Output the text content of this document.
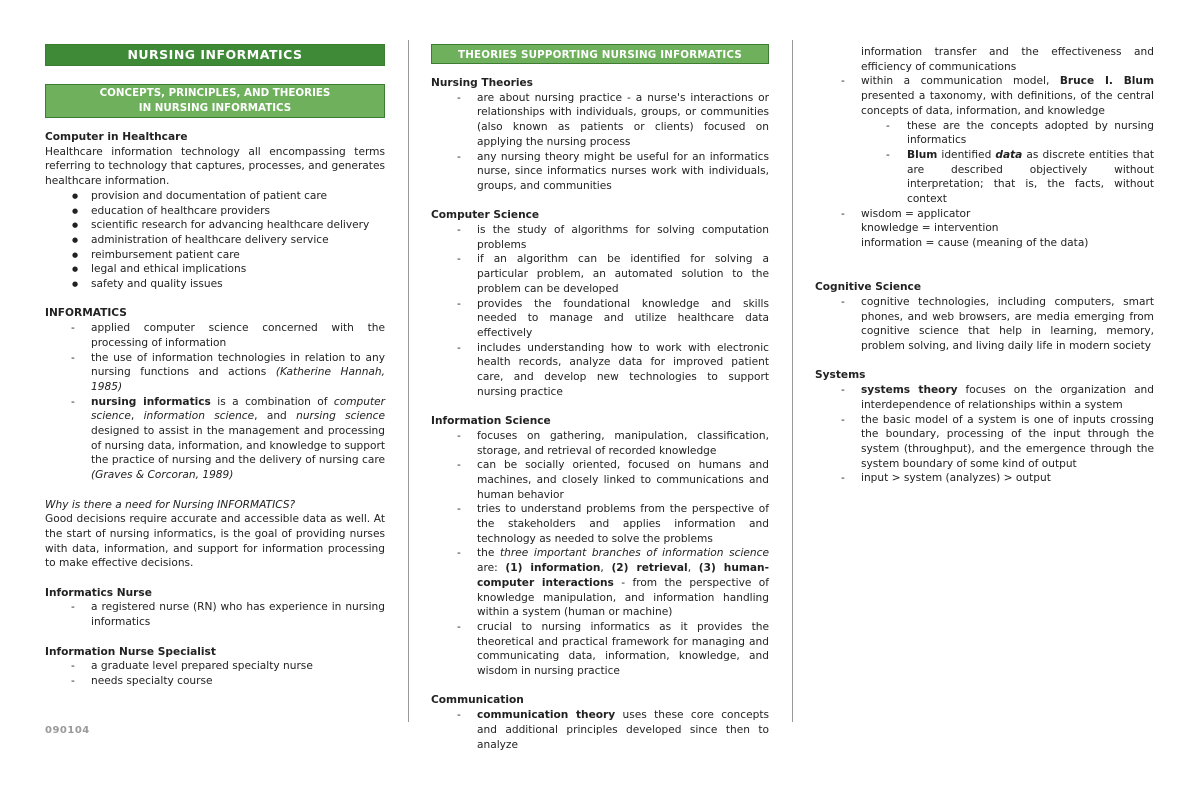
NURSING INFORMATICS
CONCEPTS, PRINCIPLES, AND THEORIES
IN NURSING INFORMATICS
Computer in Healthcare

Healthcare information technology all encompassing terms referring to technology that captures, processes, and generates healthcare information.

● provision and documentation of patient care
● education of healthcare providers
● scientific research for advancing healthcare delivery
● administration of healthcare delivery service
● reimbursement patient care
● legal and ethical implications
● safety and quality issues
INFORMATICS
- applied computer science concerned with the processing of information
- the use of information technologies in relation to any nursing functions and actions (Katherine Hannah, 1985)
- nursing informatics is a combination of computer science, information science, and nursing science designed to assist in the management and processing of nursing data, information, and knowledge to support the practice of nursing and the delivery of nursing care (Graves & Corcoran, 1989)
Why is there a need for Nursing INFORMATICS?

Good decisions require accurate and accessible data as well. At the start of nursing informatics, is the goal of providing nurses with data, information, and support for information processing to make effective decisions.

Informatics Nurse
- a registered nurse (RN) who has experience in nursing informatics
Information Nurse Specialist
- a graduate level prepared specialty nurse
- needs specialty course
090104
THEORIES SUPPORTING NURSING INFORMATICS
Nursing Theories
- are about nursing practice - a nurse's interactions or relationships with individuals, groups, or communities (also known as patients or clients) focused on applying the nursing process
- any nursing theory might be useful for an informatics nurse, since informatics nurses work with individuals, groups, and communities
Computer Science
- is the study of algorithms for solving computation problems
- if an algorithm can be identified for solving a particular problem, an automated solution to the problem can be developed
- provides the foundational knowledge and skills needed to manage and utilize healthcare data effectively
- includes understanding how to work with electronic health records, analyze data for improved patient care, and develop new technologies to support nursing practice
Information Science
- focuses on gathering, manipulation, classification, storage, and retrieval of recorded knowledge
- can be socially oriented, focused on humans and machines, and closely linked to communications and human behavior
- tries to understand problems from the perspective of the stakeholders and applies information and technology as needed to solve the problems
- the three important branches of information science are: (1) information, (2) retrieval, (3) human-computer interactions - from the perspective of knowledge manipulation, and information handling within a system (human or machine)
- crucial to nursing informatics as it provides the theoretical and practical framework for managing and communicating data, information, knowledge, and wisdom in nursing practice
Communication
- communication theory uses these core concepts and additional principles developed since then to analyze

information transfer and the effectiveness and efficiency of communications

- within a communication model, Bruce I. Blum presented a taxonomy, with definitions, of the central concepts of data, information, and knowledge
- these are the concepts adopted by nursing informatics
- Blum identified data as discrete entities that are described objectively without interpretation; that is, the facts, without context
- wisdom = applicator

knowledge = intervention

information = cause (meaning of the data)

Cognitive Science
- cognitive technologies, including computers, smart phones, and web browsers, are media emerging from cognitive science that help in learning, memory, problem solving, and living daily life in modern society
Systems
- systems theory focuses on the organization and interdependence of relationships within a system
- the basic model of a system is one of inputs crossing the boundary, processing of the input through the system (throughput), and the emergence through the system boundary of some kind of output
- input > system (analyzes) > output
